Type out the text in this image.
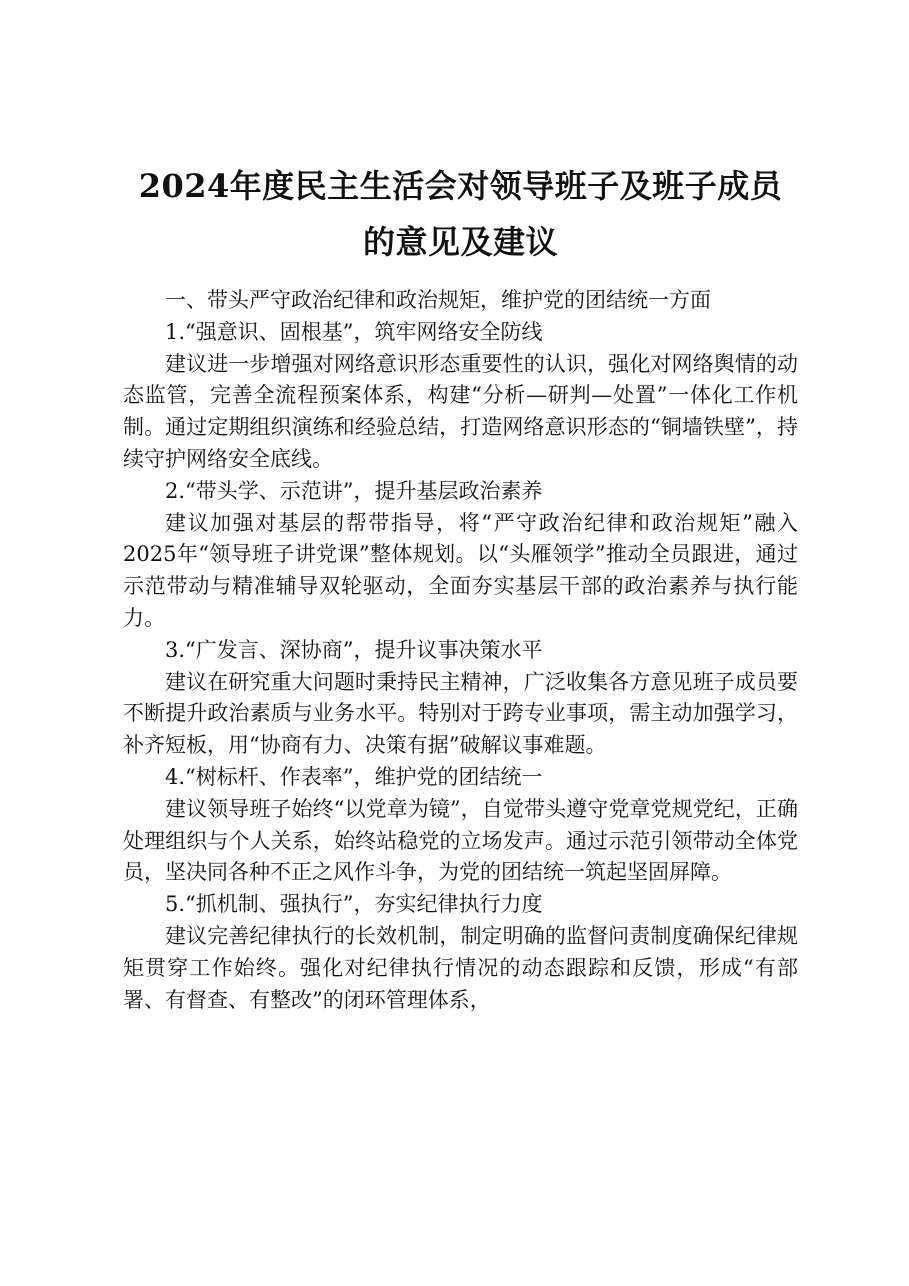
2024年度民主生活会对领导班子及班子成员
的意见及建议

一、带头严守政治纪律和政治规矩，维护党的团结统一方面

1.“强意识、固根基”，筑牢网络安全防线

建议进一步增强对网络意识形态重要性的认识，强化对网络舆情的动态监管，完善全流程预案体系，构建“分析—研判—处置”一体化工作机制。通过定期组织演练和经验总结，打造网络意识形态的“铜墙铁壁”，持续守护网络安全底线。

2.“带头学、示范讲”，提升基层政治素养

建议加强对基层的帮带指导，将“严守政治纪律和政治规矩”融入2025年“领导班子讲党课”整体规划。以“头雁领学”推动全员跟进，通过示范带动与精准辅导双轮驱动，全面夯实基层干部的政治素养与执行能力。

3.“广发言、深协商”，提升议事决策水平

建议在研究重大问题时秉持民主精神，广泛收集各方意见班子成员要不断提升政治素质与业务水平。特别对于跨专业事项，需主动加强学习，补齐短板，用“协商有力、决策有据”破解议事难题。

4.“树标杆、作表率”，维护党的团结统一

建议领导班子始终“以党章为镜”，自觉带头遵守党章党规党纪，正确处理组织与个人关系，始终站稳党的立场发声。通过示范引领带动全体党员，坚决同各种不正之风作斗争，为党的团结统一筑起坚固屏障。

5.“抓机制、强执行”，夯实纪律执行力度

建议完善纪律执行的长效机制，制定明确的监督问责制度确保纪律规矩贯穿工作始终。强化对纪律执行情况的动态跟踪和反馈，形成“有部署、有督查、有整改”的闭环管理体系，
